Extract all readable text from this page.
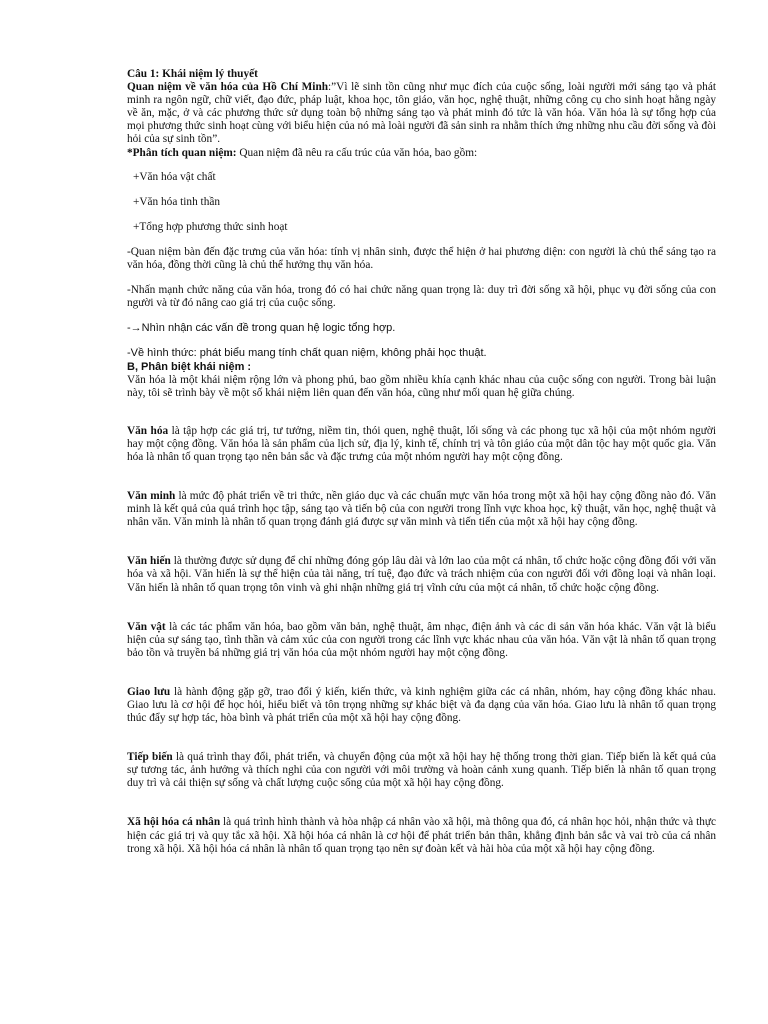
Câu 1: Khái niệm lý thuyết

Quan niệm về văn hóa của Hồ Chí Minh:”Vì lẽ sinh tồn cũng như mục đích của cuộc sống, loài người mới sáng tạo và phát minh ra ngôn ngữ, chữ viết, đạo đức, pháp luật, khoa học, tôn giáo, văn học, nghệ thuật, những công cụ cho sinh hoạt hằng ngày về ăn, mặc, ở và các phương thức sử dụng toàn bộ những sáng tạo và phát minh đó tức là văn hóa. Văn hóa là sự tổng hợp của mọi phương thức sinh hoạt cùng với biểu hiện của nó mà loài người đã sản sinh ra nhằm thích ứng những nhu cầu đời sống và đòi hỏi của sự sinh tồn”.

*Phân tích quan niệm: Quan niệm đã nêu ra cấu trúc của văn hóa, bao gồm:

+Văn hóa vật chất

+Văn hóa tinh thần

+Tổng hợp phương thức sinh hoạt

-Quan niệm bàn đến đặc trưng của văn hóa: tính vị nhân sinh, được thể hiện ở hai phương diện: con người là chủ thể sáng tạo ra văn hóa, đồng thời cũng là chủ thể hưởng thụ văn hóa.

-Nhấn mạnh chức năng của văn hóa, trong đó có hai chức năng quan trọng là: duy trì đời sống xã hội, phục vụ đời sống của con người và từ đó nâng cao giá trị của cuộc sống.

-→Nhìn nhận các vấn đề trong quan hệ logic tổng hợp.

-Về hình thức: phát biểu mang tính chất quan niệm, không phải học thuật.

B, Phân biệt khái niệm :

Văn hóa là một khái niệm rộng lớn và phong phú, bao gồm nhiều khía cạnh khác nhau của cuộc sống con người. Trong bài luận này, tôi sẽ trình bày về một số khái niệm liên quan đến văn hóa, cũng như mối quan hệ giữa chúng.

Văn hóa là tập hợp các giá trị, tư tưởng, niềm tin, thói quen, nghệ thuật, lối sống và các phong tục xã hội của một nhóm người hay một cộng đồng. Văn hóa là sản phẩm của lịch sử, địa lý, kinh tế, chính trị và tôn giáo của một dân tộc hay một quốc gia. Văn hóa là nhân tố quan trọng tạo nên bản sắc và đặc trưng của một nhóm người hay một cộng đồng.

Văn minh là mức độ phát triển về tri thức, nền giáo dục và các chuẩn mực văn hóa trong một xã hội hay cộng đồng nào đó. Văn minh là kết quả của quá trình học tập, sáng tạo và tiến bộ của con người trong lĩnh vực khoa học, kỹ thuật, văn học, nghệ thuật và nhân văn. Văn minh là nhân tố quan trọng đánh giá được sự văn minh và tiến tiến của một xã hội hay cộng đồng.

Văn hiến là thường được sử dụng để chỉ những đóng góp lâu dài và lớn lao của một cá nhân, tổ chức hoặc cộng đồng đối với văn hóa và xã hội. Văn hiến là sự thể hiện của tài năng, trí tuệ, đạo đức và trách nhiệm của con người đối với đồng loại và nhân loại. Văn hiến là nhân tố quan trọng tôn vinh và ghi nhận những giá trị vĩnh cửu của một cá nhân, tổ chức hoặc cộng đồng.

Văn vật là các tác phẩm văn hóa, bao gồm văn bản, nghệ thuật, âm nhạc, điện ảnh và các di sản văn hóa khác. Văn vật là biểu hiện của sự sáng tạo, tình thần và cảm xúc của con người trong các lĩnh vực khác nhau của văn hóa. Văn vật là nhân tố quan trọng bảo tồn và truyền bá những giá trị văn hóa của một nhóm người hay một cộng đồng.

Giao lưu là hành động gặp gỡ, trao đổi ý kiến, kiến thức, và kinh nghiệm giữa các cá nhân, nhóm, hay cộng đồng khác nhau. Giao lưu là cơ hội để học hỏi, hiểu biết và tôn trọng những sự khác biệt và đa dạng của văn hóa. Giao lưu là nhân tố quan trọng thúc đẩy sự hợp tác, hòa bình và phát triển của một xã hội hay cộng đồng.

Tiếp biến là quá trình thay đổi, phát triển, và chuyển động của một xã hội hay hệ thống trong thời gian. Tiếp biến là kết quả của sự tương tác, ảnh hưởng và thích nghi của con người với môi trường và hoàn cảnh xung quanh. Tiếp biến là nhân tố quan trọng duy trì và cải thiện sự sống và chất lượng cuộc sống của một xã hội hay cộng đồng.

Xã hội hóa cá nhân là quá trình hình thành và hòa nhập cá nhân vào xã hội, mà thông qua đó, cá nhân học hỏi, nhận thức và thực hiện các giá trị và quy tắc xã hội. Xã hội hóa cá nhân là cơ hội để phát triển bản thân, khẳng định bản sắc và vai trò của cá nhân trong xã hội. Xã hội hóa cá nhân là nhân tố quan trọng tạo nên sự đoàn kết và hài hòa của một xã hội hay cộng đồng.
